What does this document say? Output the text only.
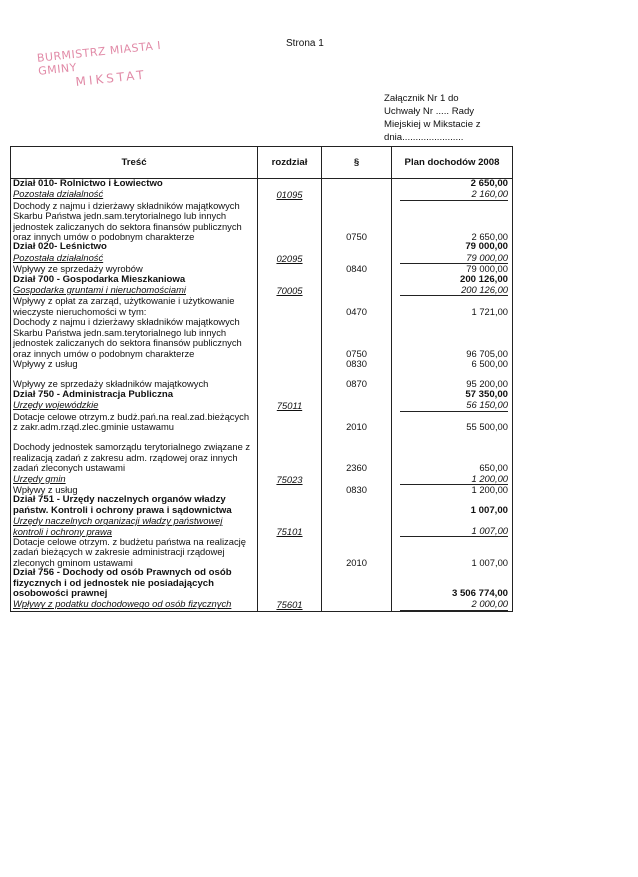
Strona 1
BURMISTRZ MIASTA I GMINY
MIKSTAT
Załącznik Nr 1 do
Uchwały Nr ..... Rady
Miejskiej w Mikstacie z
dnia.......................
Treść	rozdział	§	Plan dochodów 2008
Dział 010- Rolnictwo i Łowiectwo			2 650,00
Pozostała działalność	01095		2 160,00
Dochody z najmu i dzierżawy składników majątkowych Skarbu Państwa jedn.sam.terytorialnego lub innych jednostek zaliczanych do sektora finansów publicznych oraz innych umów o podobnym charakterze		0750	2 650,00
Dział 020- Leśnictwo			79 000,00
Pozostała działalność	02095		79 000,00
Wpływy ze sprzedaży wyrobów		0840	79 000,00
Dział 700 - Gospodarka Mieszkaniowa			200 126,00
Gospodarka gruntami i nieruchomościami	70005		200 126,00
Wpływy z opłat za zarząd, użytkowanie i użytkowanie wieczyste nieruchomości w tym:		0470	1 721,00
Dochody z najmu i dzierżawy składników majątkowych Skarbu Państwa jedn.sam.terytorialnego lub innych jednostek zaliczanych do sektora finansów publicznych oraz innych umów o podobnym charakterze		0750	96 705,00
Wpływy z usług		0830	6 500,00

Wpływy ze sprzedaży składników majątkowych		0870	95 200,00
Dział 750 - Administracja Publiczna			57 350,00
Urzędy wojewódzkie	75011		56 150,00
Dotacje celowe otrzym.z budż.pań.na real.zad.bieżących z zakr.adm.rząd.zlec.gminie ustawamu		2010	55 500,00

Dochody jednostek samorządu terytorialnego związane z realizacją zadań z zakresu adm. rządowej oraz innych zadań zleconych ustawami		2360	650,00
Urzędy gmin	75023		1 200,00
Wpływy z usług		0830	1 200,00
Dział 751 - Urzędy naczelnych organów władzy państw. Kontroli i ochrony prawa i sądownictwa			1 007,00
Urzędy naczelnych organizacji władzy państwowej kontroli i ochrony prawa	75101		1 007,00
Dotacje celowe otrzym. z budżetu państwa na realizację zadań bieżących w zakresie administracji rządowej zleconych gminom ustawami		2010	1 007,00
Dział 756 - Dochody od osób Prawnych od osób fizycznych i od jednostek nie posiadających osobowości prawnej			3 506 774,00
Wpływy z podatku dochodowego od osób fizycznych	75601		2 000,00
